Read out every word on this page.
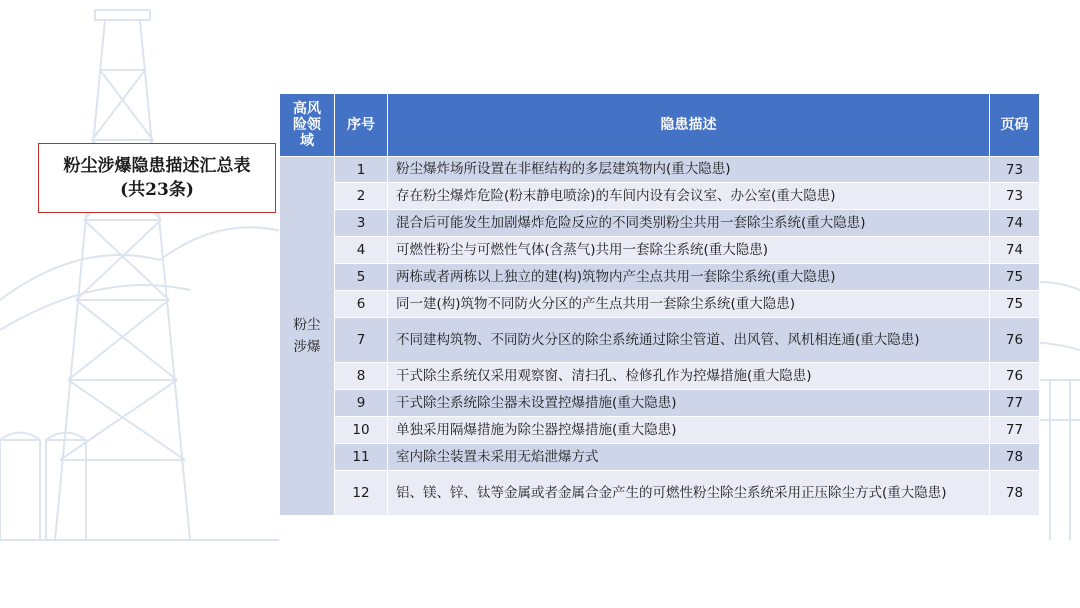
粉尘涉爆隐患描述汇总表
(共23条)
高风险领域	序号	隐患描述	页码

粉尘涉爆	1	粉尘爆炸场所设置在非框结构的多层建筑物内(重大隐患)	73
	2	存在粉尘爆炸危险(粉末静电喷涂)的车间内设有会议室、办公室(重大隐患)	73
	3	混合后可能发生加剧爆炸危险反应的不同类别粉尘共用一套除尘系统(重大隐患)	74
	4	可燃性粉尘与可燃性气体(含蒸气)共用一套除尘系统(重大隐患)	74
	5	两栋或者两栋以上独立的建(构)筑物内产尘点共用一套除尘系统(重大隐患)	75
	6	同一建(构)筑物不同防火分区的产生点共用一套除尘系统(重大隐患)	75
	7	不同建构筑物、不同防火分区的除尘系统通过除尘管道、出风管、风机相连通(重大隐患)	76
	8	干式除尘系统仅采用观察窗、清扫孔、检修孔作为控爆措施(重大隐患)	76
	9	干式除尘系统除尘器未设置控爆措施(重大隐患)	77
	10	单独采用隔爆措施为除尘器控爆措施(重大隐患)	77
	11	室内除尘装置未采用无焰泄爆方式	78
	12	铝、镁、锌、钛等金属或者金属合金产生的可燃性粉尘除尘系统采用正压除尘方式(重大隐患)	78
